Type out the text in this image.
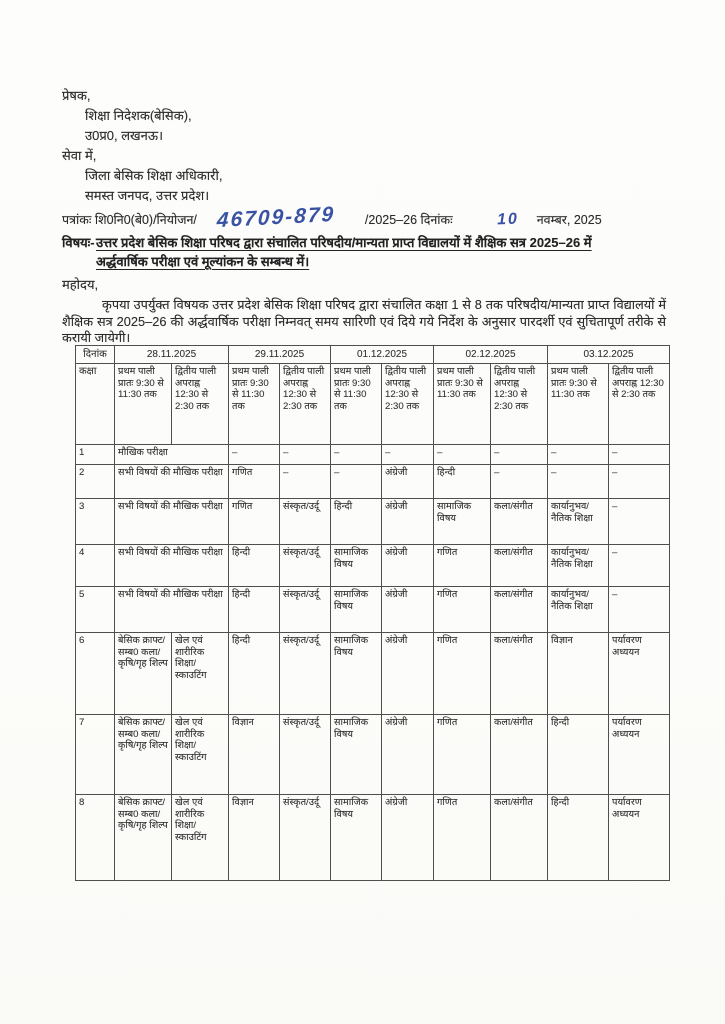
प्रेषक,
शिक्षा निदेशक(बेसिक),
उ0प्र0, लखनऊ।
सेवा में,
जिला बेसिक शिक्षा अधिकारी,
समस्त जनपद, उत्तर प्रदेश।
पत्रांकः शि0नि0(बे0)/नियोजन/ 46709-879	/2025–26 दिनांकः	10	नवम्बर, 2025
विषयः- उत्तर प्रदेश बेसिक शिक्षा परिषद द्वारा संचालित परिषदीय/मान्यता प्राप्त विद्यालयों में शैक्षिक सत्र 2025–26 में
अर्द्धवार्षिक परीक्षा एवं मूल्यांकन के सम्बन्ध में।
महोदय,
कृपया उपर्युक्त विषयक उत्तर प्रदेश बेसिक शिक्षा परिषद द्वारा संचालित कक्षा 1 से 8 तक परिषदीय/मान्यता प्राप्त विद्यालयों में शैक्षिक सत्र 2025–26 की अर्द्धवार्षिक परीक्षा निम्नवत् समय सारिणी एवं दिये गये निर्देश के अनुसार पारदर्शी एवं सुचितापूर्ण तरीके से करायी जायेगी।
दिनांक	28.11.2025		29.11.2025		01.12.2025		02.12.2025		03.12.2025	
कक्षा	प्रथम पाली प्रातः 9:30 से 11:30 तक	द्वितीय पाली अपराह्न 12:30 से 2:30 तक	प्रथम पाली प्रातः 9:30 से 11:30 तक	द्वितीय पाली अपराह्न 12:30 से 2:30 तक	प्रथम पाली प्रातः 9:30 से 11:30 तक	द्वितीय पाली अपराह्न 12:30 से 2:30 तक	प्रथम पाली प्रातः 9:30 से 11:30 तक	द्वितीय पाली अपराह्न 12:30 से 2:30 तक	प्रथम पाली प्रातः 9:30 से 11:30 तक	द्वितीय पाली अपराह्न 12:30 से 2:30 तक
1	मौखिक परीक्षा		–	–	–	–	–	–	–	–
2	सभी विषयों की मौखिक परीक्षा		गणित	–	–	अंग्रेजी	हिन्दी	–	–	–
3	सभी विषयों की मौखिक परीक्षा		गणित	संस्कृत/उर्दू	हिन्दी	अंग्रेजी	सामाजिक विषय	कला/संगीत	कार्यानुभव/नैतिक शिक्षा	–
4	सभी विषयों की मौखिक परीक्षा		हिन्दी	संस्कृत/उर्दू	सामाजिक विषय	अंग्रेजी	गणित	कला/संगीत	कार्यानुभव/नैतिक शिक्षा	–
5	सभी विषयों की मौखिक परीक्षा		हिन्दी	संस्कृत/उर्दू	सामाजिक विषय	अंग्रेजी	गणित	कला/संगीत	कार्यानुभव/नैतिक शिक्षा	–
6	बेसिक क्राफ्ट/सम्ब0 कला/कृषि/गृह शिल्प	खेल एवं शारीरिक शिक्षा/स्काउटिंग	हिन्दी	संस्कृत/उर्दू	सामाजिक विषय	अंग्रेजी	गणित	कला/संगीत	विज्ञान	पर्यावरण अध्ययन
7	बेसिक क्राफ्ट/सम्ब0 कला/कृषि/गृह शिल्प	खेल एवं शारीरिक शिक्षा/स्काउटिंग	विज्ञान	संस्कृत/उर्दू	सामाजिक विषय	अंग्रेजी	गणित	कला/संगीत	हिन्दी	पर्यावरण अध्ययन
8	बेसिक क्राफ्ट/सम्ब0 कला/कृषि/गृह शिल्प	खेल एवं शारीरिक शिक्षा/स्काउटिंग	विज्ञान	संस्कृत/उर्दू	सामाजिक विषय	अंग्रेजी	गणित	कला/संगीत	हिन्दी	पर्यावरण अध्ययन
